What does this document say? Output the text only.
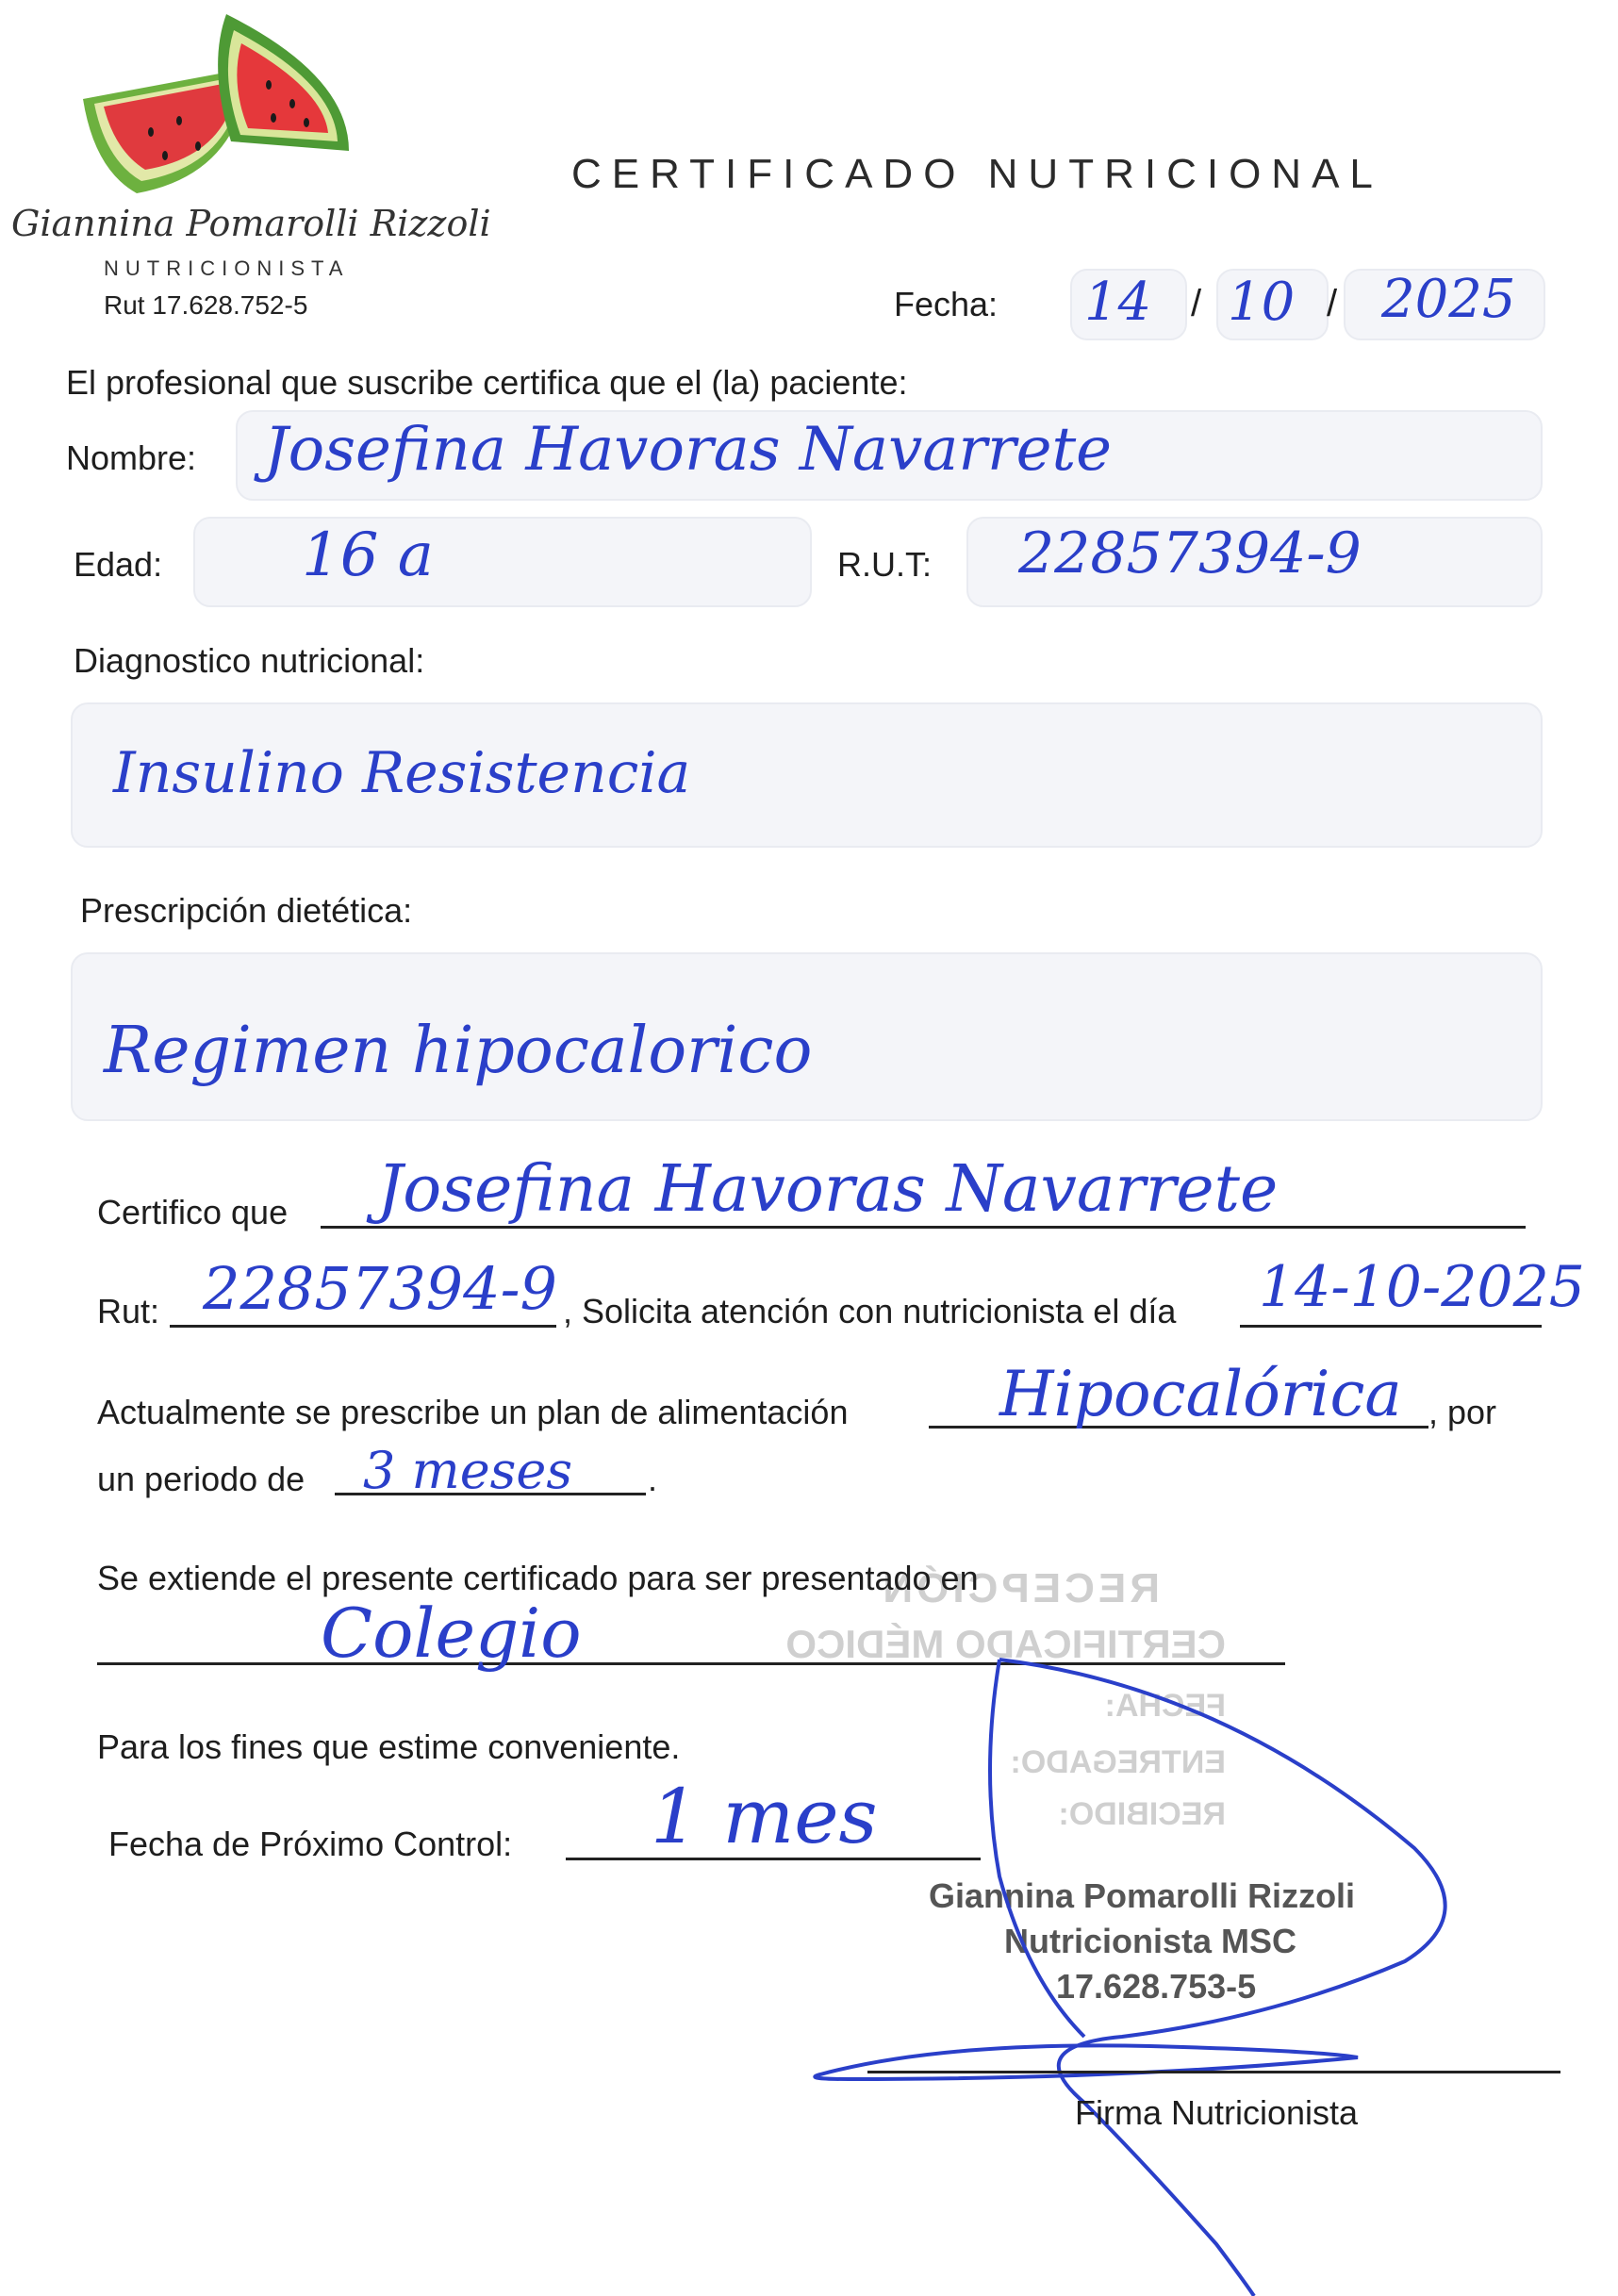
Giannina Pomarolli Rizzoli
NUTRICIONISTA
Rut 17.628.752-5
CERTIFICADO NUTRICIONAL
Fecha: 14 / 10 / 2025
El profesional que suscribe certifica que el (la) paciente:
Nombre: Josefina Havoras Navarrete
Edad: 16 a	R.U.T: 22857394-9
Diagnostico nutricional:
Insulino Resistencia
Prescripción dietética:
Regimen hipocalorico
Certifico que Josefina Havoras Navarrete
Rut: 22857394-9 , Solicita atención con nutricionista el día 14-10-2025
Actualmente se prescribe un plan de alimentación Hipocalórica , por
un periodo de 3 meses .
RECEPCIÓN
CERTIFICADO MÉDICO
FECHA:
ENTREGADO:
RECIBIDO:
Se extiende el presente certificado para ser presentado en
Colegio
Para los fines que estime conveniente.
Fecha de Próximo Control: 1 mes
Giannina Pomarolli Rizzoli
Nutricionista MSC
17.628.753-5
Firma Nutricionista
